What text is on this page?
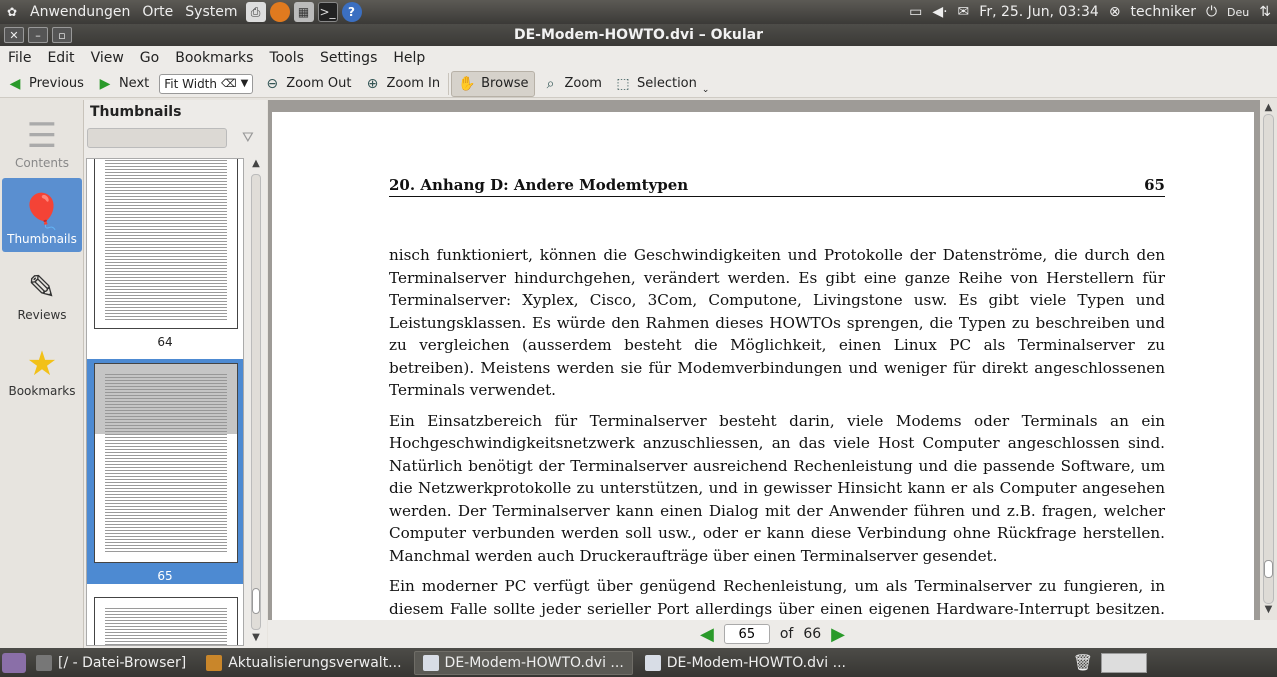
✿ Anwendungen Orte System	⎙	▦ >_	?	▭ ◀︎· ✉ Fr, 25. Jun, 03:34 ⊗ techniker ⏻ Deu ⇅
✕	–	▫	DE-Modem-HOWTO.dvi – Okular
File	Edit	View	Go	Bookmarks	Tools	Settings	Help
◀ Previous ▶ Next Fit Width ⌫ ▼ ⊖ Zoom Out ⊕ Zoom In ✋ Browse	⌕ Zoom ⬚ Selection ⌄
☰
Contents
🎈
Thumbnails
✎
Reviews
★
Bookmarks
Thumbnails
⛛
64
65
▲
▼
20. Anhang D: Andere Modemtypen	65

nisch funktioniert, können die Geschwindigkeiten und Protokolle der Datenströme, die durch den Terminalserver hindurchgehen, verändert werden. Es gibt eine ganze Reihe von Herstellern für Terminalserver: Xyplex, Cisco, 3Com, Computone, Livingstone usw. Es gibt viele Typen und Leistungsklassen. Es würde den Rahmen dieses HOWTOs sprengen, die Typen zu beschreiben und zu vergleichen (ausserdem besteht die Möglichkeit, einen Linux PC als Terminalserver zu betreiben). Meistens werden sie für Modemverbindungen und weniger für direkt angeschlossenen Terminals verwendet.

Ein Einsatzbereich für Terminalserver besteht darin, viele Modems oder Terminals an ein Hochgeschwindigkeitsnetzwerk anzuschliessen, an das viele Host Computer angeschlossen sind. Natürlich benötigt der Terminalserver ausreichend Rechenleistung und die passende Software, um die Netzwerkprotokolle zu unterstützen, und in gewisser Hinsicht kann er als Computer angesehen werden. Der Terminalserver kann einen Dialog mit der Anwender führen und z.B. fragen, welcher Computer verbunden werden soll usw., oder er kann diese Verbindung ohne Rückfrage herstellen. Manchmal werden auch Druckeraufträge über einen Terminalserver gesendet.

Ein moderner PC verfügt über genügend Rechenleistung, um als Terminalserver zu fungieren, in diesem Falle sollte jeder serieller Port allerdings über einen eigenen Hardware-Interrupt besitzen.

▲
▼
◀
65	of 66 ▶
[/ - Datei-Browser]	Aktualisierungsverwalt...	DE-Modem-HOWTO.dvi ...	DE-Modem-HOWTO.dvi ...	🗑
